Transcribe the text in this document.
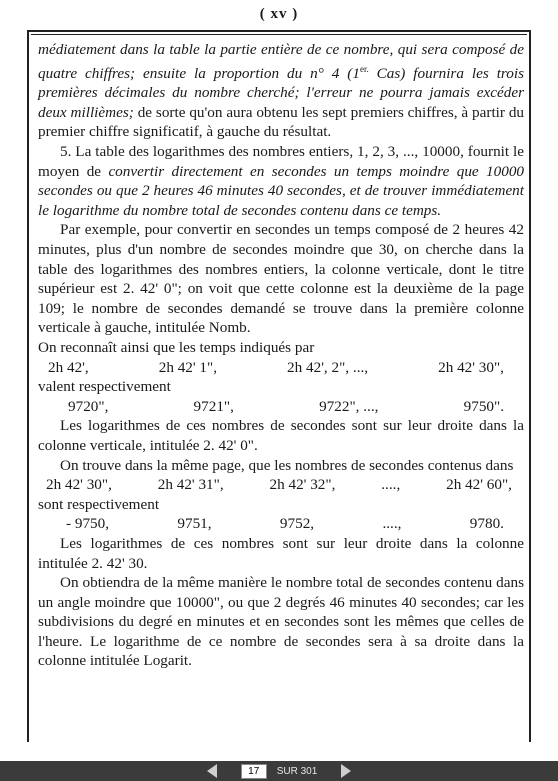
( xv )

médiatement dans la table la partie entière de ce nombre, qui sera composé de quatre chiffres; ensuite la proportion du n° 4 ($1^{er.}$ Cas) fournira les trois premières décimales du nombre cherché; l'erreur ne pourra jamais excéder deux millièmes; de sorte qu'on aura obtenu les sept premiers chiffres, à partir du premier chiffre significatif, à gauche du résultat.

5. La table des logarithmes des nombres entiers, 1, 2, 3, ..., 10000, fournit le moyen de convertir directement en secondes un temps moindre que 10000 secondes ou que 2 heures 46 minutes 40 secondes, et de trouver immédiatement le logarithme du nombre total de secondes contenu dans ce temps.

Par exemple, pour convertir en secondes un temps composé de 2 heures 42 minutes, plus d'un nombre de secondes moindre que 30, on cherche dans la table des logarithmes des nombres entiers, la colonne verticale, dont le titre supérieur est 2. 42' 0"; on voit que cette colonne est la deuxième de la page 109; le nombre de secondes demandé se trouve dans la première colonne verticale à gauche, intitulée Nomb.

On reconnaît ainsi que les temps indiqués par

2h 42',	2h 42' 1",	2h 42', 2", ...,	2h 42' 30",

valent respectivement

9720",	9721",	9722", ...,	9750".

Les logarithmes de ces nombres de secondes sont sur leur droite dans la colonne verticale, intitulée 2. 42' 0".

On trouve dans la même page, que les nombres de secondes contenus dans

2h 42' 30",	2h 42' 31",	2h 42' 32",	....,	2h 42' 60",

sont respectivement

- 9750,	9751,	9752,	....,	9780.

Les logarithmes de ces nombres sont sur leur droite dans la colonne intitulée 2. 42' 30.

On obtiendra de la même manière le nombre total de secondes contenu dans un angle moindre que 10000", ou que 2 degrés 46 minutes 40 secondes; car les subdivisions du degré en minutes et en secondes sont les mêmes que celles de l'heure. Le logarithme de ce nombre de secondes sera à sa droite dans la colonne intitulée Logarit.

17
SUR 301
